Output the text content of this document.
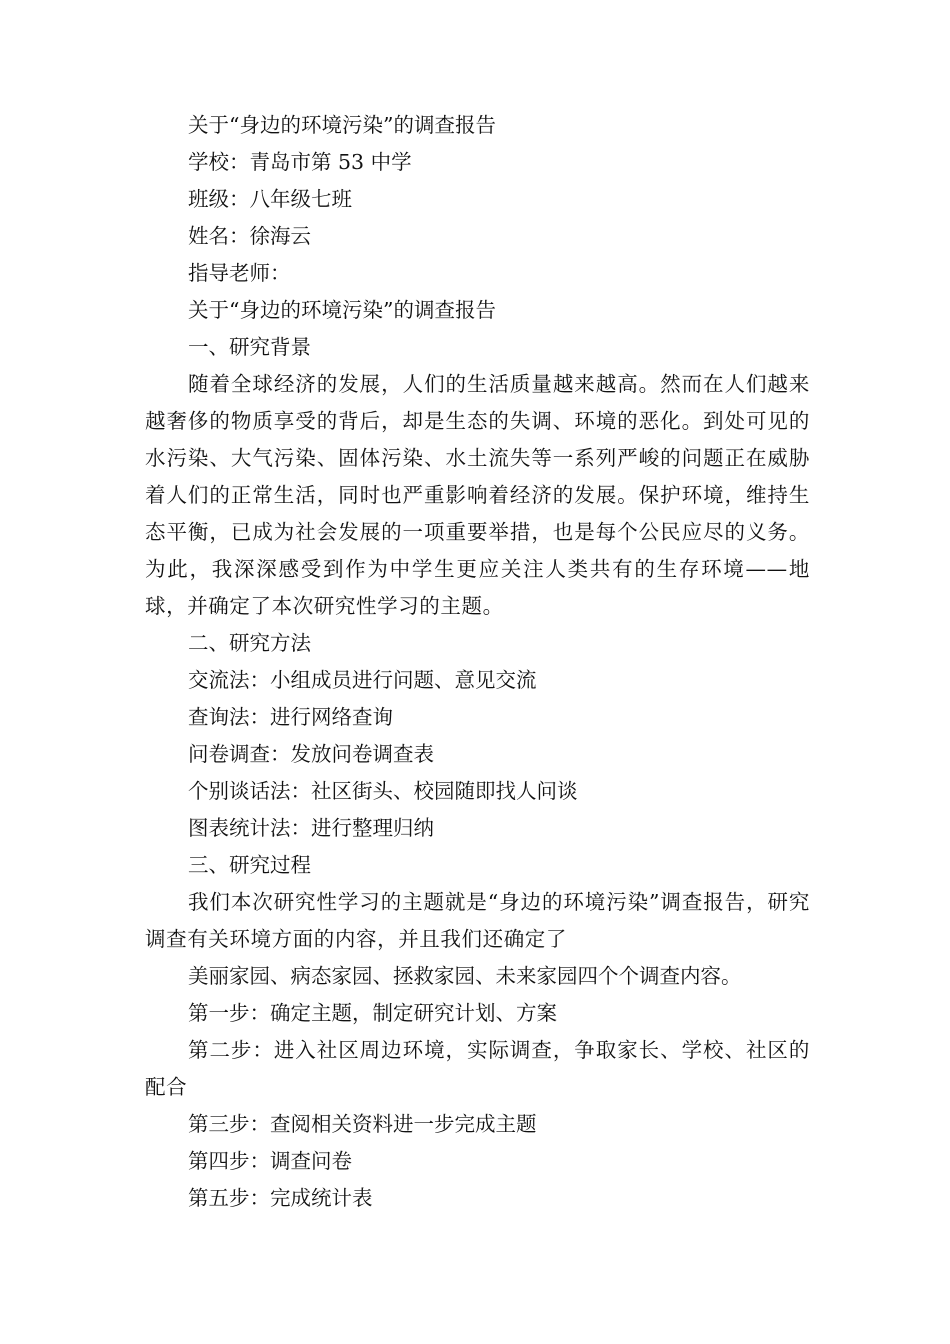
关于“身边的环境污染”的调查报告

学校：青岛市第 53 中学

班级：八年级七班

姓名：徐海云

指导老师：

关于“身边的环境污染”的调查报告

一、研究背景

随着全球经济的发展，人们的生活质量越来越高。然而在人们越来越奢侈的物质享受的背后，却是生态的失调、环境的恶化。到处可见的水污染、大气污染、固体污染、水土流失等一系列严峻的问题正在威胁着人们的正常生活，同时也严重影响着经济的发展。保护环境，维持生态平衡，已成为社会发展的一项重要举措，也是每个公民应尽的义务。为此，我深深感受到作为中学生更应关注人类共有的生存环境——地球，并确定了本次研究性学习的主题。

二、研究方法

交流法：小组成员进行问题、意见交流

查询法：进行网络查询

问卷调查：发放问卷调查表

个别谈话法：社区街头、校园随即找人问谈

图表统计法：进行整理归纳

三、研究过程

我们本次研究性学习的主题就是“身边的环境污染”调查报告，研究调查有关环境方面的内容，并且我们还确定了

美丽家园、病态家园、拯救家园、未来家园四个个调查内容。

第一步：确定主题，制定研究计划、方案

第二步：进入社区周边环境，实际调查，争取家长、学校、社区的配合

第三步：查阅相关资料进一步完成主题

第四步：调查问卷

第五步：完成统计表
